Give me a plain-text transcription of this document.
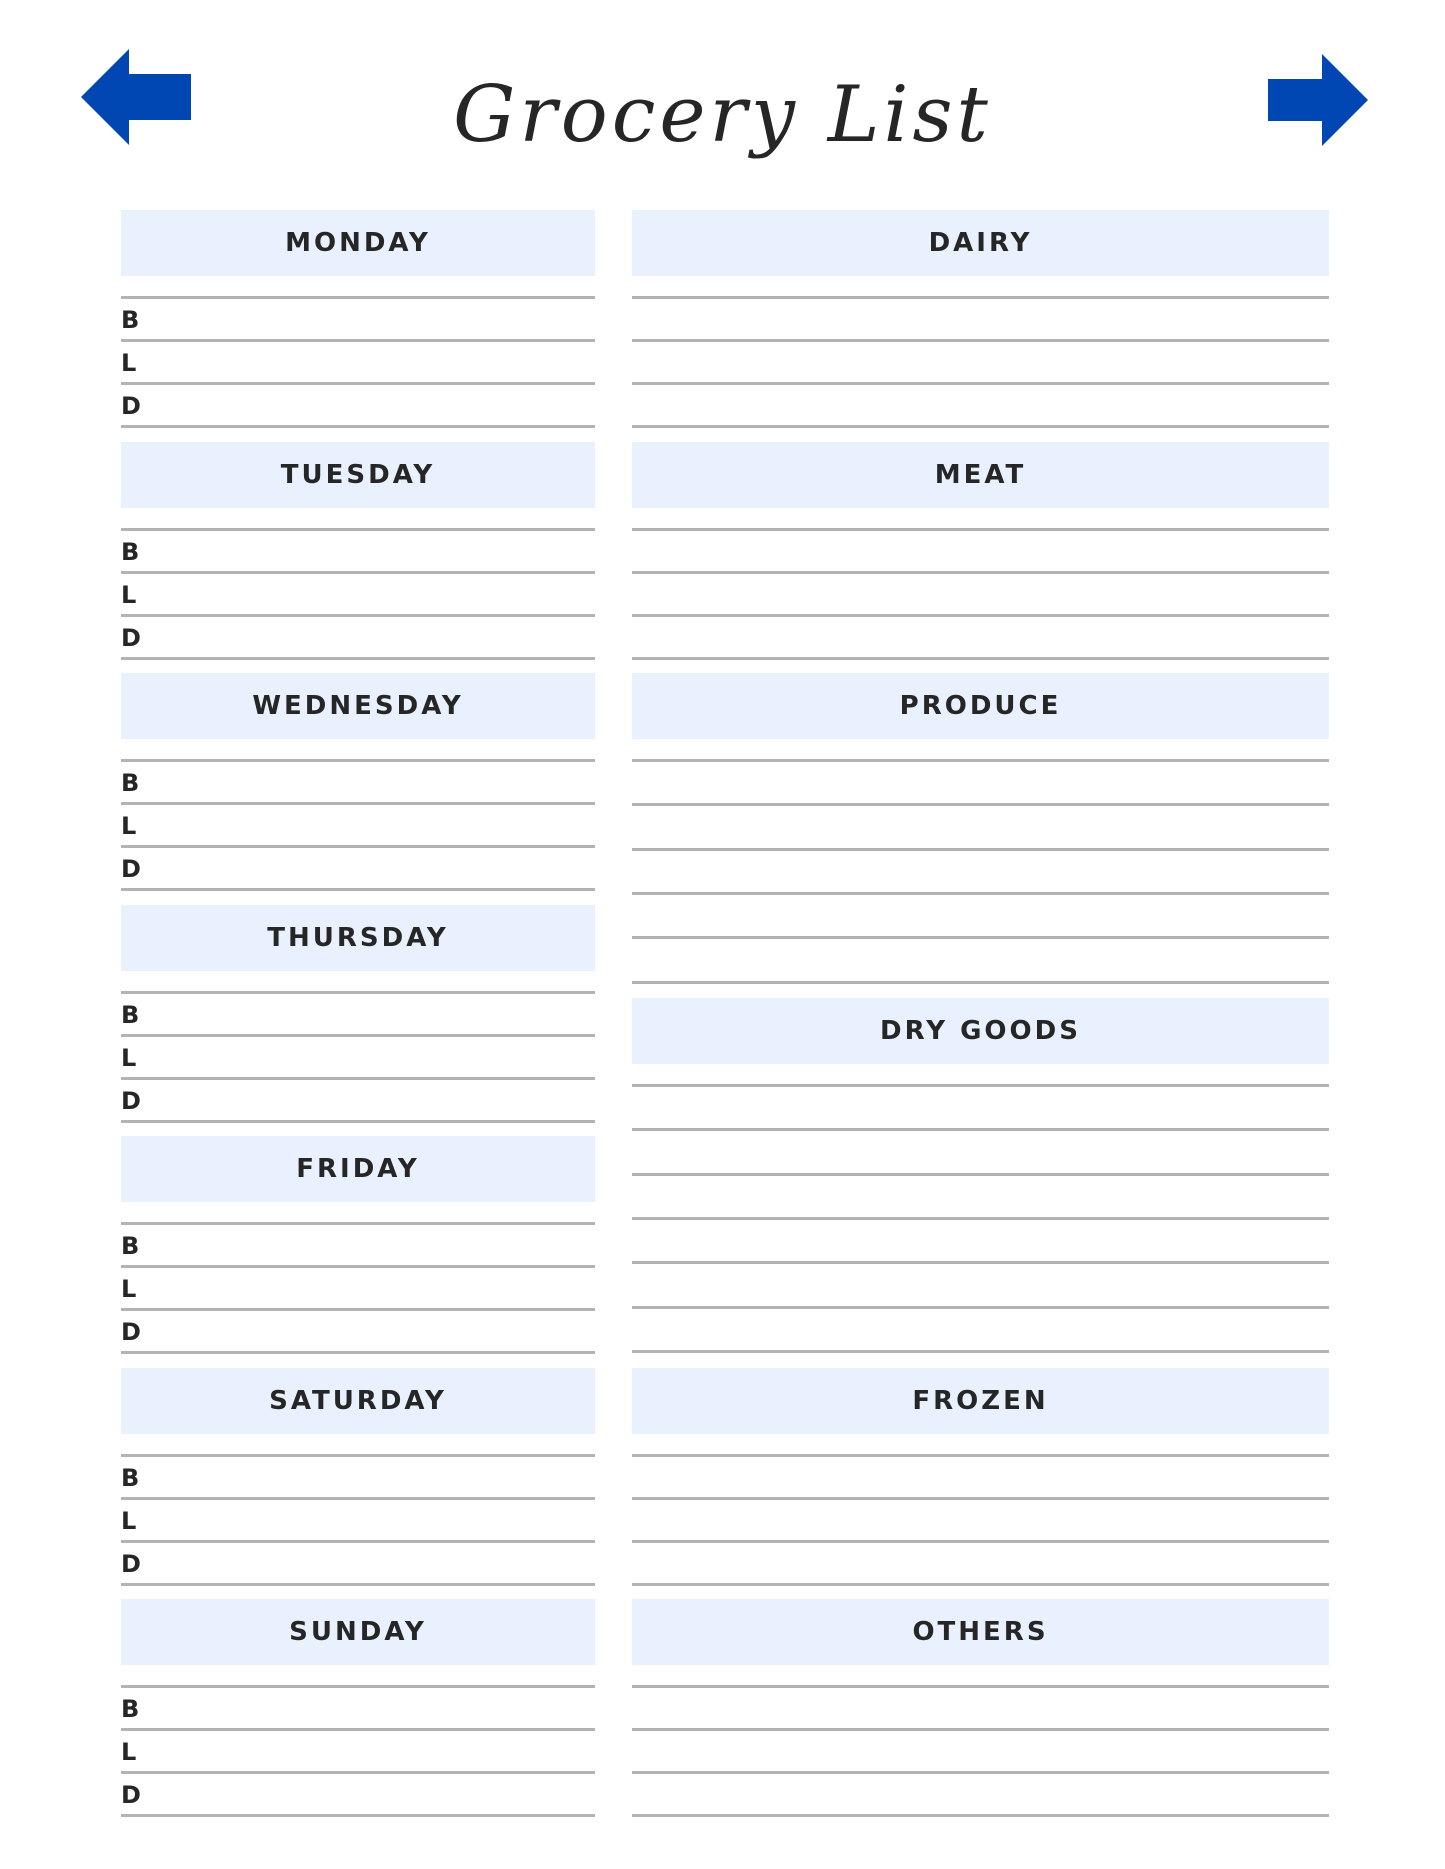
Grocery List
MONDAY
B
L
D
TUESDAY
B
L
D
WEDNESDAY
B
L
D
THURSDAY
B
L
D
FRIDAY
B
L
D
SATURDAY
B
L
D
SUNDAY
B
L
D
DAIRY
MEAT
PRODUCE
DRY GOODS
FROZEN
OTHERS
